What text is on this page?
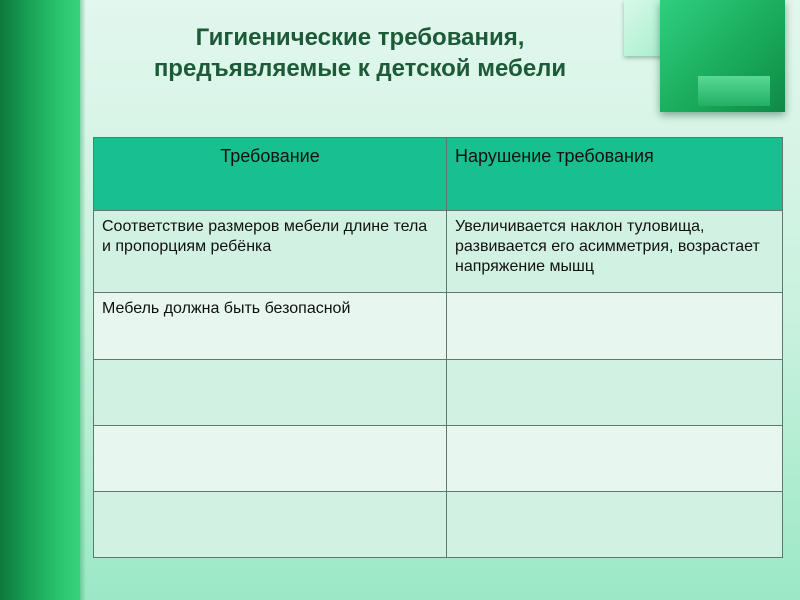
Гигиенические требования,
предъявляемые к детской мебели
Требование	Нарушение требования
Соответствие размеров мебели длине тела и пропорциям ребёнка	Увеличивается наклон туловища, развивается его асимметрия, возрастает напряжение мышц
Мебель должна быть безопасной	
